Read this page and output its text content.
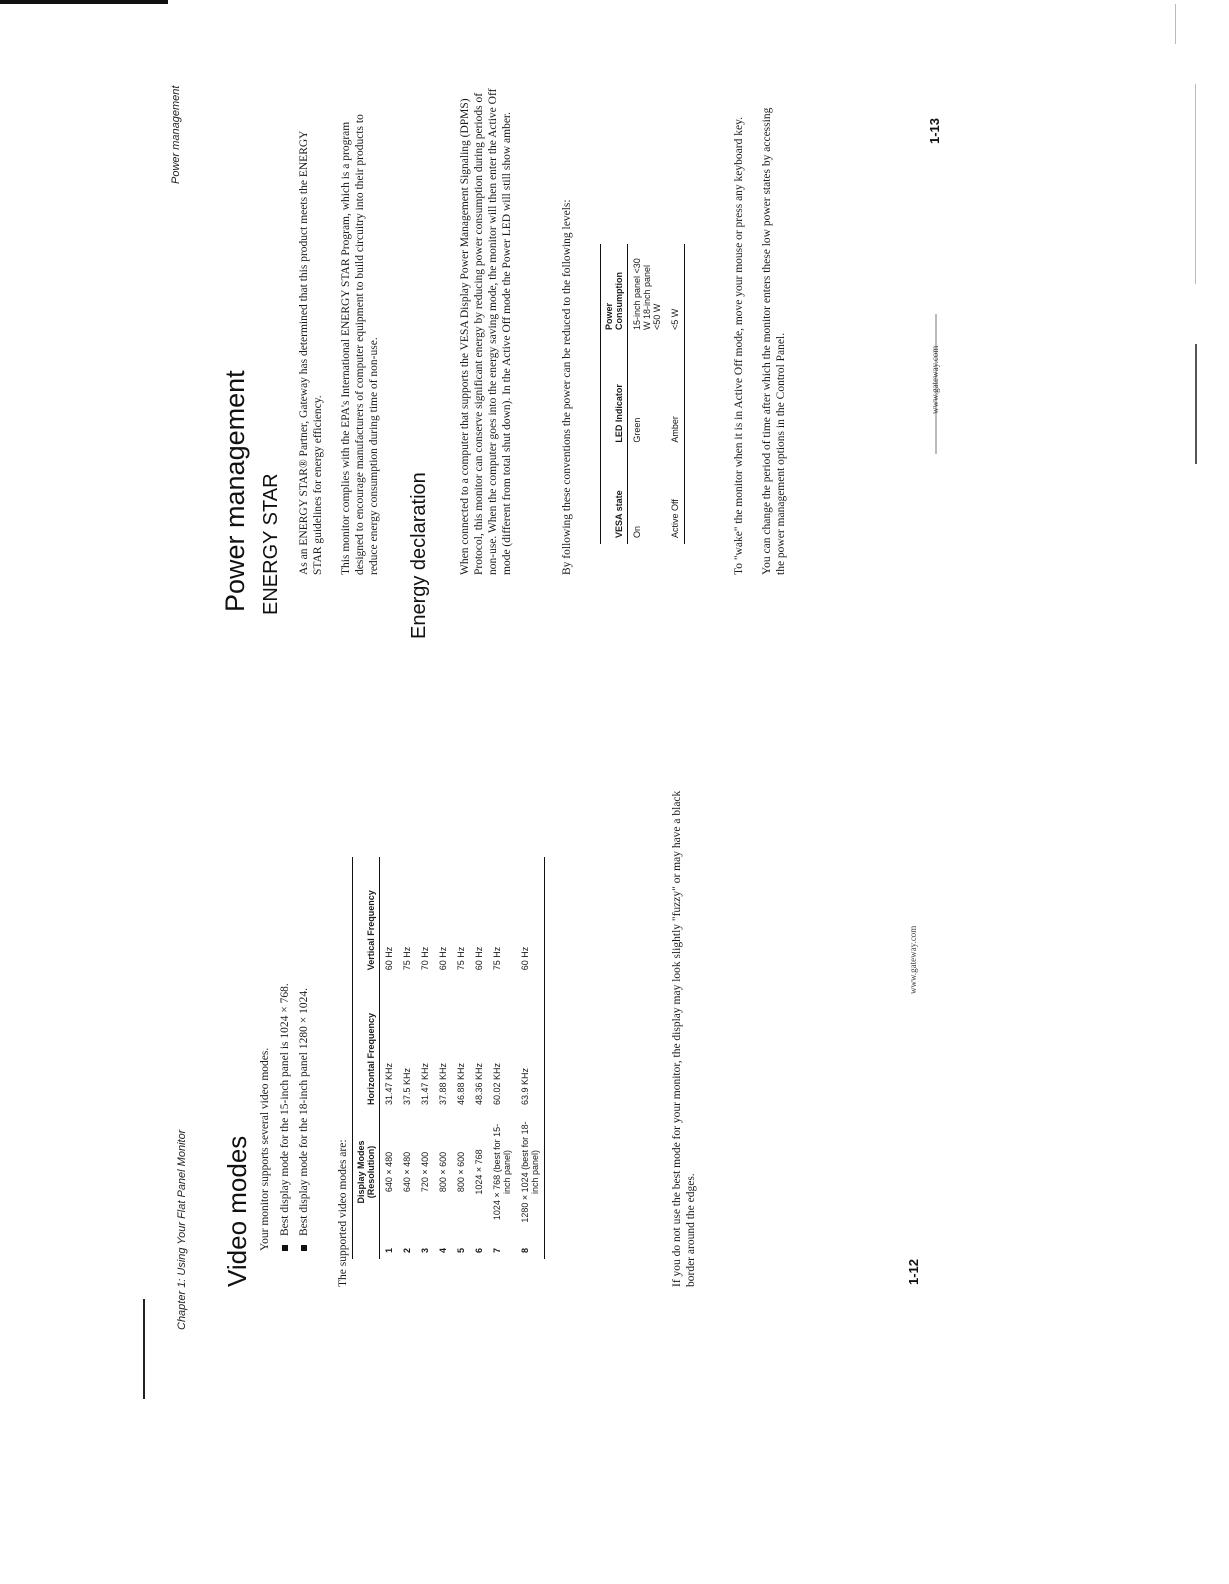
Chapter 1: Using Your Flat Panel Monitor Video modes Your monitor supports several video modes. Best display mode for the 15-inch panel is 1024 × 768. Best display mode for the 18-inch panel 1280 × 1024. The supported video modes are:

	Display Modes (Resolution)	Horizontal Frequency	Vertical Frequency
1	640 × 480	31.47 KHz	60 Hz
2	640 × 480	37.5 KHz	75 Hz
3	720 × 400	31.47 KHz	70 Hz
4	800 × 600	37.88 KHz	60 Hz
5	800 × 600	46.88 KHz	75 Hz
6	1024 × 768	48.36 KHz	60 Hz
7	1024 × 768 (best for 15-inch panel)	60.02 KHz	75 Hz
8	1280 × 1024 (best for 18-inch panel)	63.9 KHz	60 Hz	If you do not use the best mode for your monitor, the display may look slightly "fuzzy" or may have a black border around the edges.	1-12
www.gateway.com
Power management
Power management
ENERGY STAR As an ENERGY STAR® Partner, Gateway has determined that this product meets the ENERGY STAR guidelines for energy efficiency. This monitor complies with the EPA's International ENERGY STAR Program, which is a program designed to encourage manufacturers of computer equipment to build circuitry into their products to reduce energy consumption during time of non-use. Energy declaration	When connected to a computer that supports the VESA Display Power Management Signaling (DPMS) Protocol, this monitor can conserve significant energy by reducing power consumption during periods of non-use. When the computer goes into the energy saving mode, the monitor will then enter the Active Off mode (different from total shut down). In the Active Off mode the Power LED will still show amber.	By following these conventions the power can be reduced to the following levels:	VESA state	LED Indicator	Power Consumption
On	Green	15-inch panel <30 W 18-inch panel <50 W
Active Off	Amber	<5 W	To "wake" the monitor when it is in Active Off mode, move your mouse or press any keyboard key. You can change the period of time after which the monitor enters these low power states by accessing the power management options in the Control Panel.	www.gateway.com
1-13
